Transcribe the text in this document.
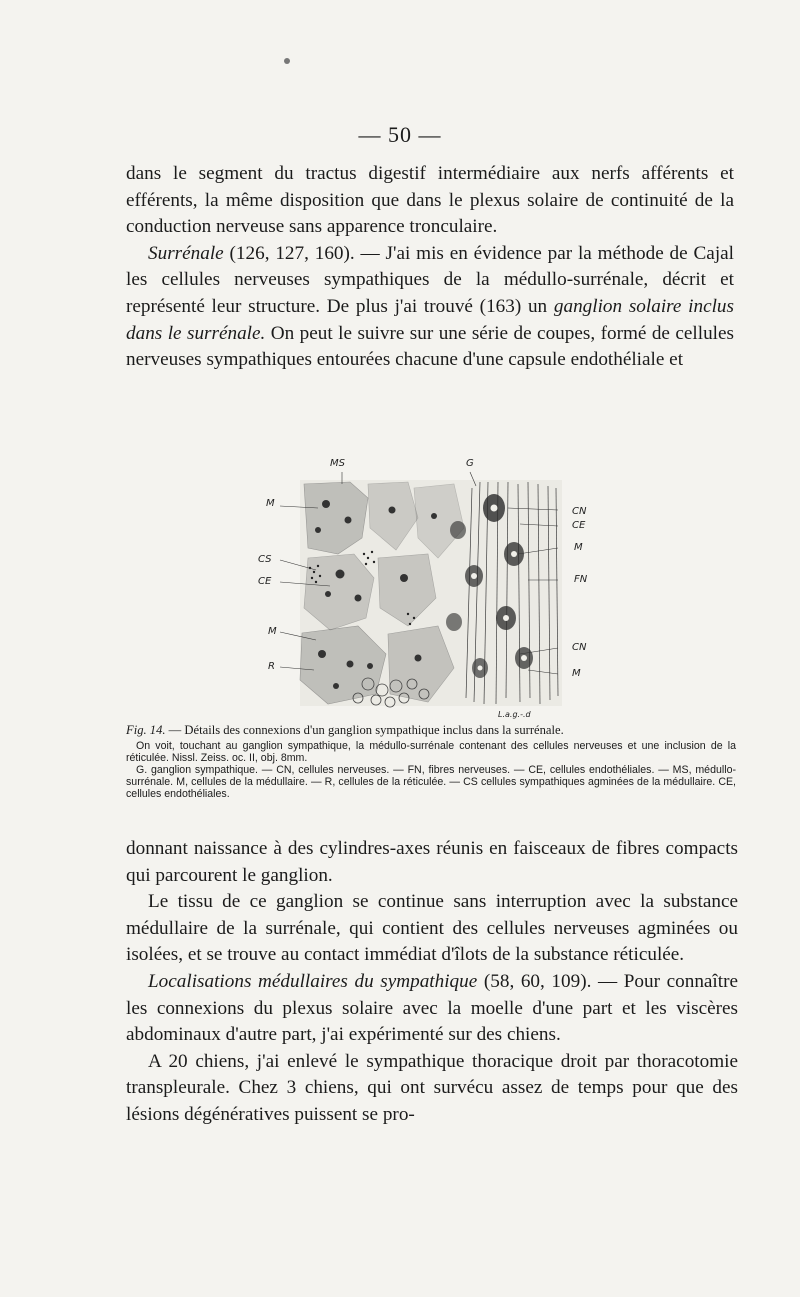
— 50 —

dans le segment du tractus digestif intermédiaire aux nerfs afférents et efférents, la même disposition que dans le plexus solaire de continuité de la conduction nerveuse sans apparence tronculaire.

Surrénale (126, 127, 160). — J'ai mis en évidence par la méthode de Cajal les cellules nerveuses sympathiques de la médullo-surrénale, décrit et représenté leur structure. De plus j'ai trouvé (163) un ganglion solaire inclus dans le surrénale. On peut le suivre sur une série de coupes, formé de cellules nerveuses sympathiques entourées chacune d'une capsule endothéliale et

MS	G
M
CN
CE
M
CS
CE	FN
M
CN
R
M
L.a.g.-.d

Fig. 14. — Détails des connexions d'un ganglion sympathique inclus dans la surrénale.

On voit, touchant au ganglion sympathique, la médullo-surrénale contenant des cellules nerveuses et une inclusion de la réticulée. Nissl. Zeiss. oc. II, obj. 8mm.

G. ganglion sympathique. — CN, cellules nerveuses. — FN, fibres nerveuses. — CE, cellules endothéliales. — MS, médullo-surrénale. M, cellules de la médullaire. — R, cellules de la réticulée. — CS cellules sympathiques agminées de la médullaire. CE, cellules endothéliales.

donnant naissance à des cylindres-axes réunis en faisceaux de fibres compacts qui parcourent le ganglion.

Le tissu de ce ganglion se continue sans interruption avec la substance médullaire de la surrénale, qui contient des cellules nerveuses agminées ou isolées, et se trouve au contact immédiat d'îlots de la substance réticulée.

Localisations médullaires du sympathique (58, 60, 109). — Pour connaître les connexions du plexus solaire avec la moelle d'une part et les viscères abdominaux d'autre part, j'ai expérimenté sur des chiens.

A 20 chiens, j'ai enlevé le sympathique thoracique droit par thoracotomie transpleurale. Chez 3 chiens, qui ont survécu assez de temps pour que des lésions dégénératives puissent se pro-
